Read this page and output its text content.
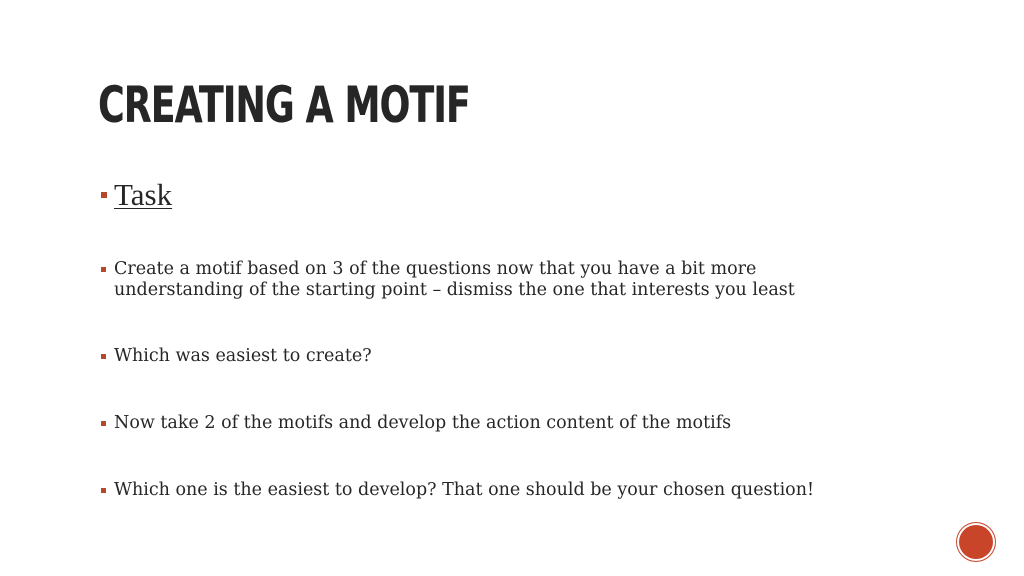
CREATING A MOTIF
Task
Create a motif based on 3 of the questions now that you have a bit more
understanding of the starting point – dismiss the one that interests you least
Which was easiest to create?
Now take 2 of the motifs and develop the action content of the motifs
Which one is the easiest to develop? That one should be your chosen question!
